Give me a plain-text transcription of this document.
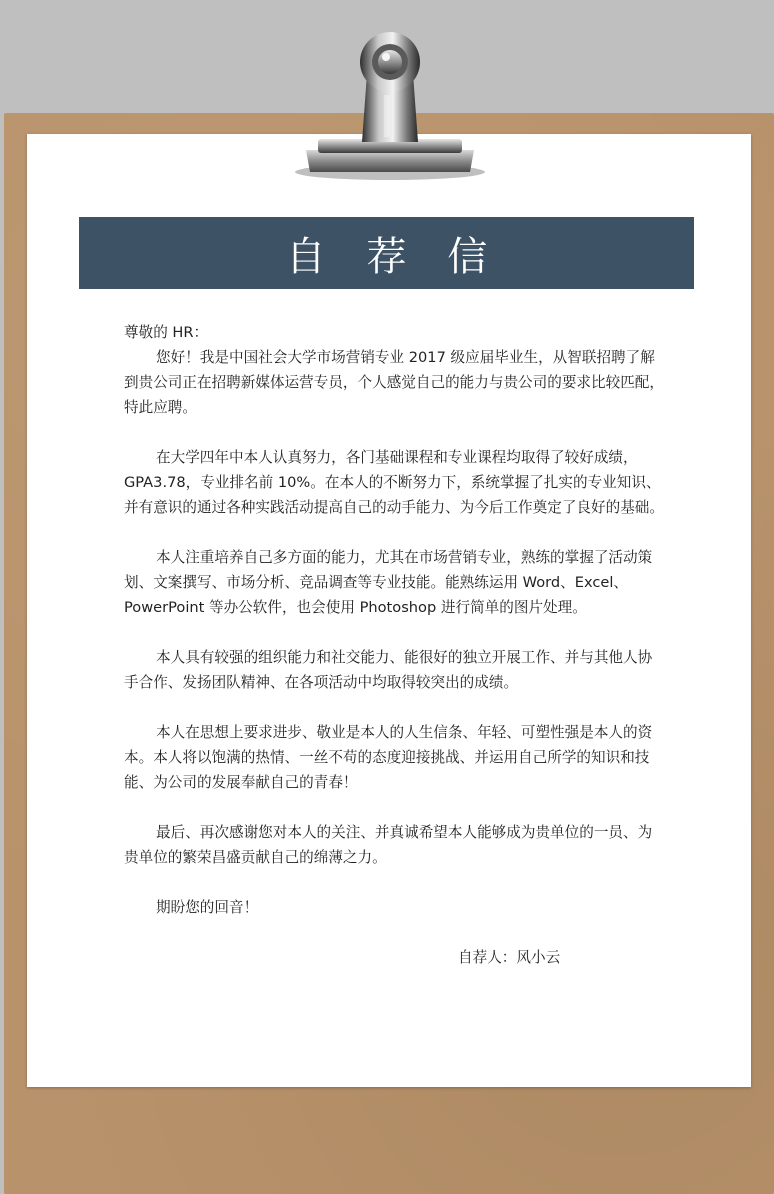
自 荐 信
尊敬的 HR：
您好！我是中国社会大学市场营销专业 2017 级应届毕业生，从智联招聘了解
到贵公司正在招聘新媒体运营专员，个人感觉自己的能力与贵公司的要求比较匹配，
特此应聘。
在大学四年中本人认真努力，各门基础课程和专业课程均取得了较好成绩，
GPA3.78，专业排名前 10%。在本人的不断努力下，系统掌握了扎实的专业知识、
并有意识的通过各种实践活动提高自己的动手能力、为今后工作奠定了良好的基础。
本人注重培养自己多方面的能力，尤其在市场营销专业，熟练的掌握了活动策
划、文案撰写、市场分析、竞品调查等专业技能。能熟练运用 Word、Excel、
PowerPoint 等办公软件，也会使用 Photoshop 进行简单的图片处理。
本人具有较强的组织能力和社交能力、能很好的独立开展工作、并与其他人协
手合作、发扬团队精神、在各项活动中均取得较突出的成绩。
本人在思想上要求进步、敬业是本人的人生信条、年轻、可塑性强是本人的资
本。本人将以饱满的热情、一丝不苟的态度迎接挑战、并运用自己所学的知识和技
能、为公司的发展奉献自己的青春！
最后、再次感谢您对本人的关注、并真诚希望本人能够成为贵单位的一员、为
贵单位的繁荣昌盛贡献自己的绵薄之力。
期盼您的回音！
自荐人：风小云
